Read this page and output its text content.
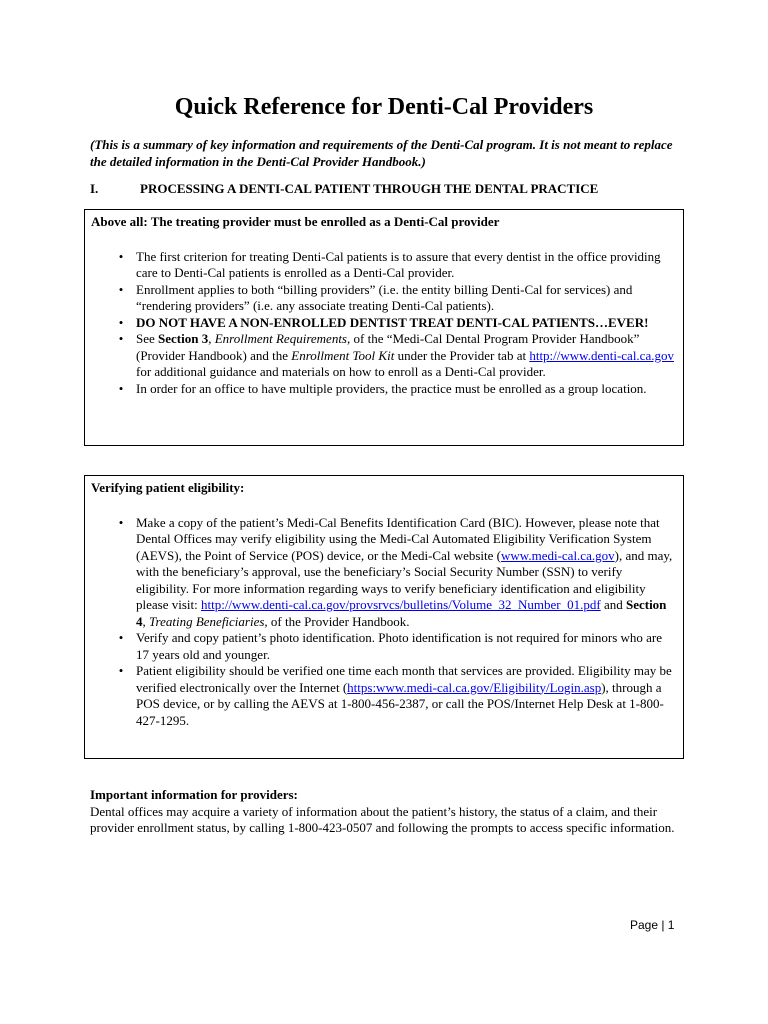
Quick Reference for Denti-Cal Providers
(This is a summary of key information and requirements of the Denti-Cal program. It is not meant to replace the detailed information in the Denti-Cal Provider Handbook.)
I.	PROCESSING A DENTI-CAL PATIENT THROUGH THE DENTAL PRACTICE
Above all: The treating provider must be enrolled as a Denti-Cal provider
• The first criterion for treating Denti-Cal patients is to assure that every dentist in the office providing care to Denti-Cal patients is enrolled as a Denti-Cal provider.
• Enrollment applies to both “billing providers” (i.e. the entity billing Denti-Cal for services) and “rendering providers” (i.e. any associate treating Denti-Cal patients).
• DO NOT HAVE A NON-ENROLLED DENTIST TREAT DENTI-CAL PATIENTS…EVER!
• See Section 3, Enrollment Requirements, of the “Medi-Cal Dental Program Provider Handbook” (Provider Handbook) and the Enrollment Tool Kit under the Provider tab at http://www.denti-cal.ca.gov for additional guidance and materials on how to enroll as a Denti-Cal provider.
• In order for an office to have multiple providers, the practice must be enrolled as a group location.
Verifying patient eligibility:
• Make a copy of the patient’s Medi-Cal Benefits Identification Card (BIC). However, please note that Dental Offices may verify eligibility using the Medi-Cal Automated Eligibility Verification System (AEVS), the Point of Service (POS) device, or the Medi-Cal website (www.medi-cal.ca.gov), and may, with the beneficiary’s approval, use the beneficiary’s Social Security Number (SSN) to verify eligibility. For more information regarding ways to verify beneficiary identification and eligibility please visit: http://www.denti-cal.ca.gov/provsrvcs/bulletins/Volume_32_Number_01.pdf and Section 4, Treating Beneficiaries, of the Provider Handbook.
• Verify and copy patient’s photo identification. Photo identification is not required for minors who are 17 years old and younger.
• Patient eligibility should be verified one time each month that services are provided. Eligibility may be verified electronically over the Internet (https:www.medi-cal.ca.gov/Eligibility/Login.asp), through a POS device, or by calling the AEVS at 1-800-456-2387, or call the POS/Internet Help Desk at 1-800-427-1295.
Important information for providers:
Dental offices may acquire a variety of information about the patient’s history, the status of a claim, and their provider enrollment status, by calling 1-800-423-0507 and following the prompts to access specific information.
Page | 1
